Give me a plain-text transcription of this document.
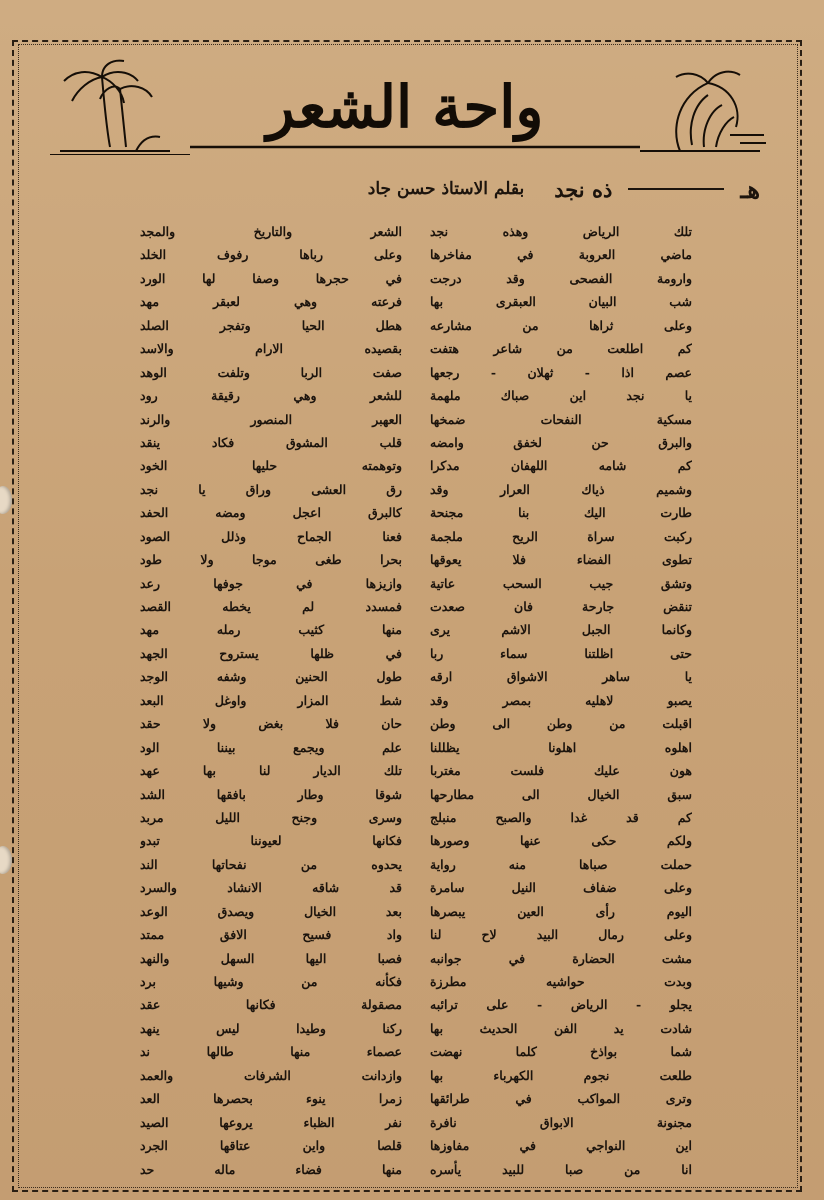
واحة الشعر
هـ
ذه نجد
بقلم الاستاذ حسن جاد
تلك الرياض وهذه نجد
الشعر والتاريخ والمجد
ماضي العروبة في مفاخرها
وعلى رباها رفوف الخلد
وارومة الفصحى وقد درجت
في حجرها وصفا لها الورد
شب البيان العبقرى بها
فرعته وهي لعبقر مهد
وعلى ثراها من مشارعه
هطل الحيا وتفجر الصلد
كم اطلعت من شاعر هتفت
بقصيده الارام والاسد
عصم اذا - ثهلان - رجعها
صفت الربا وتلفت الوهد
يا نجد اين صباك ملهمة
للشعر وهي رقيقة رود
مسكية النفحات ضمخها
العهبر المنصور والرند
والبرق حن لخفق وامضه
قلب المشوق فكاد ينقد
كم شامه اللهفان مدكرا
وتوهمته حليها الخود
وشميم ذياك العرار وقد
رق العشى وراق يا نجد
طارت اليك بنا مجنحة
كالبرق اعجل ومضه الحفد
ركبت سراة الريح ملجمة
فعنا الجماح وذلل الصود
تطوى الفضاء فلا يعوقها
بحرا طغى موجا ولا طود
وتشق جيب السحب عاتية
وازيزها في جوفها رعد
تنقض جارحة فان صعدت
فمسدد لم يخطه القصد
وكانما الجبل الاشم يرى
منها كثيب رمله مهد
حتى اظلتنا سماء ربا
في ظلها يستروح الجهد
يا ساهر الاشواق ارقه
طول الحنين وشفه الوجد
يصبو لاهليه بمصر وقد
شط المزار واوغل البعد
اقبلت من وطن الى وطن
حان فلا بغض ولا حقد
اهلوه اهلونا يظللنا
علم ويجمع بيننا الود
هون عليك فلست مغتربا
تلك الديار لنا بها عهد
سبق الخيال الى مطارحها
شوقا وطار بافقها الشد
كم قد غدا والصبح منبلج
وسرى وجنح الليل مربد
ولكم حكى عنها وصورها
فكانها لعيوننا تبدو
حملت صباها منه رواية
يحدوه من نفحاتها الند
وعلى ضفاف النيل سامرة
قد شاقه الانشاد والسرد
اليوم رأى العين يبصرها
بعد الخيال ويصدق الوعد
وعلى رمال البيد لاح لنا
واد فسيح الافق ممتد
مشت الحضارة في جوانبه
فصبا اليها السهل والنهد
وبدت حواشيه مطرزة
فكأنه من وشيها برد
يجلو - الرياض - على ترائبه
مصقولة فكانها عقد
شادت يد الفن الحديث بها
ركنا وطيدا ليس ينهد
شما بواذخ كلما نهضت
عصماء منها طالها ند
طلعت نجوم الكهرباء بها
وازدانت الشرفات والعمد
وترى المواكب في طرائقها
زمرا ينوء بحصرها العد
مجنونة الابواق نافرة
نفر الظباء يروعها الصيد
اين النواجي في مفاوزها
قلصا واين عتاقها الجرد
انا من صبا للبيد يأسره
منها فضاء ماله حد
